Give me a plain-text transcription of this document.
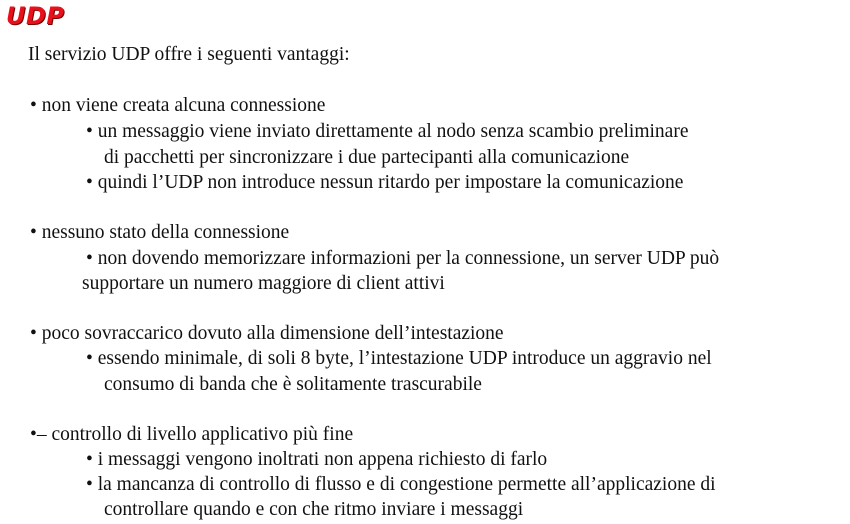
UDP
Il servizio UDP offre i seguenti vantaggi:
• non viene creata alcuna connessione
• un messaggio viene inviato direttamente al nodo senza scambio preliminare
di pacchetti per sincronizzare i due partecipanti alla comunicazione
• quindi l’UDP non introduce nessun ritardo per impostare la comunicazione
• nessuno stato della connessione
• non dovendo memorizzare informazioni per la connessione, un server UDP può
supportare un numero maggiore di client attivi
• poco sovraccarico dovuto alla dimensione dell’intestazione
• essendo minimale, di soli 8 byte, l’intestazione UDP introduce un aggravio nel
consumo di banda che è solitamente trascurabile
•– controllo di livello applicativo più fine
• i messaggi vengono inoltrati non appena richiesto di farlo
• la mancanza di controllo di flusso e di congestione permette all’applicazione di
controllare quando e con che ritmo inviare i messaggi
